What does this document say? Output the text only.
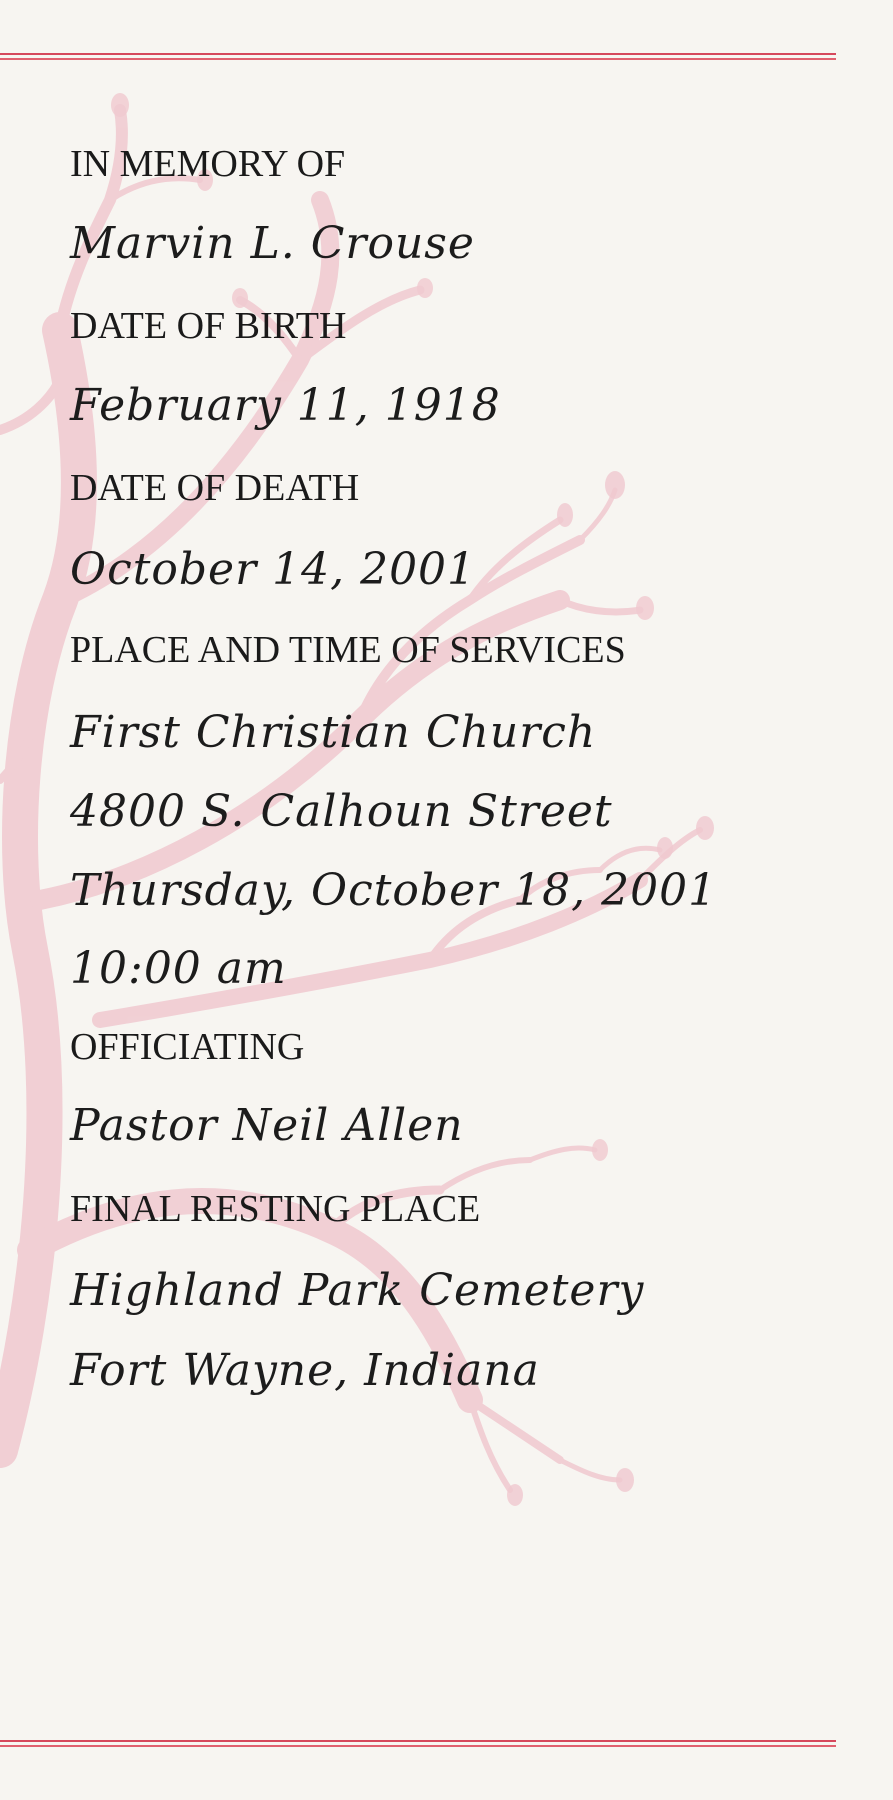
IN MEMORY OF
Marvin L. Crouse
DATE OF BIRTH
February 11, 1918
DATE OF DEATH
October 14, 2001
PLACE AND TIME OF SERVICES
First Christian Church
4800 S. Calhoun Street
Thursday, October 18, 2001
10:00 am
OFFICIATING
Pastor Neil Allen
FINAL RESTING PLACE
Highland Park Cemetery
Fort Wayne, Indiana
